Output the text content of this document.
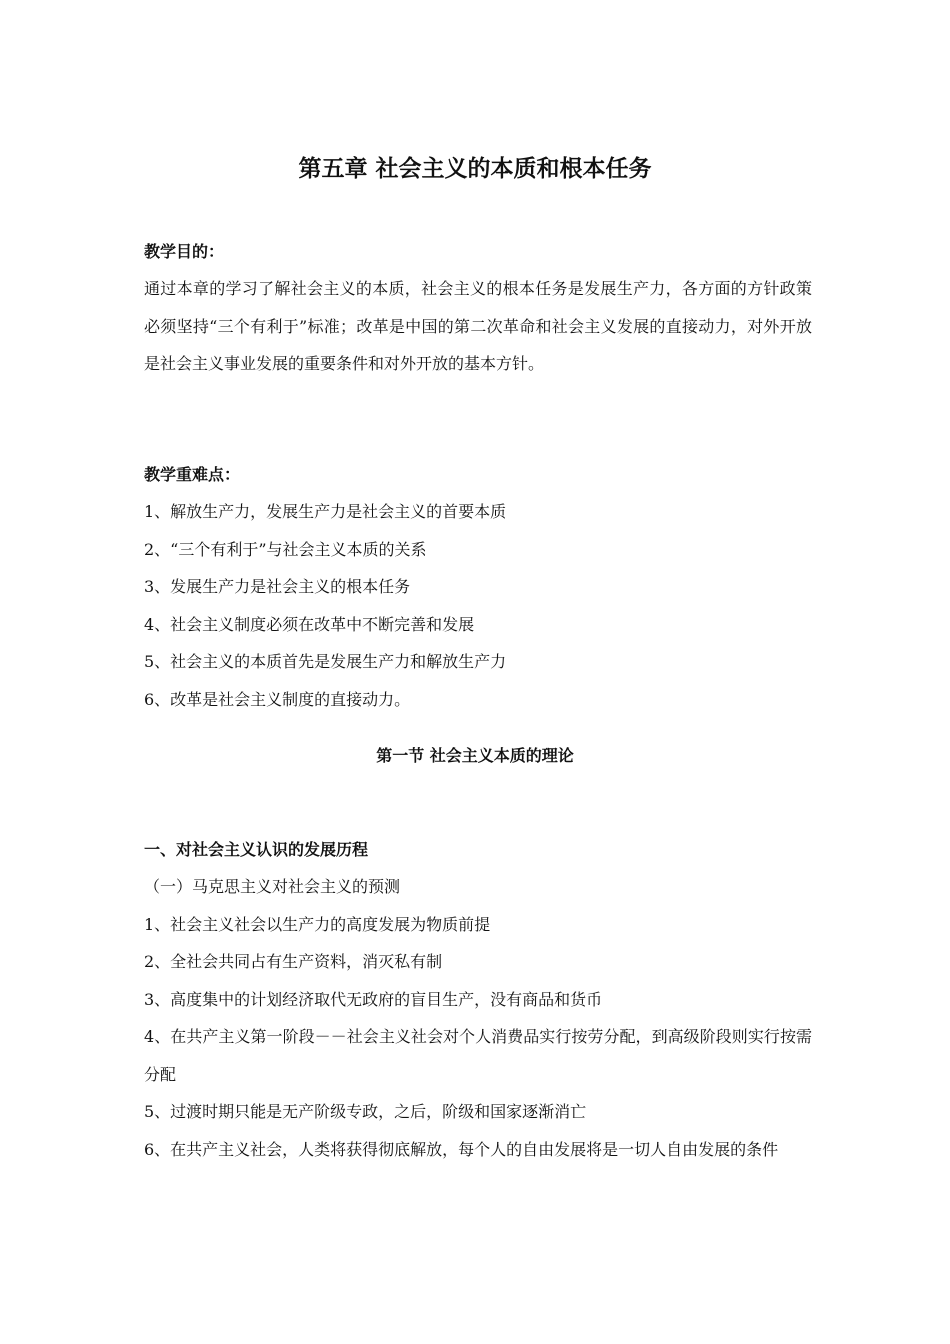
第五章 社会主义的本质和根本任务

教学目的：

通过本章的学习了解社会主义的本质，社会主义的根本任务是发展生产力，各方面的方针政策必须坚持“三个有利于”标准；改革是中国的第二次革命和社会主义发展的直接动力，对外开放是社会主义事业发展的重要条件和对外开放的基本方针。

教学重难点：

1、解放生产力，发展生产力是社会主义的首要本质

2、“三个有利于”与社会主义本质的关系

3、发展生产力是社会主义的根本任务

4、社会主义制度必须在改革中不断完善和发展

5、社会主义的本质首先是发展生产力和解放生产力

6、改革是社会主义制度的直接动力。

第一节 社会主义本质的理论

一、对社会主义认识的发展历程

（一）马克思主义对社会主义的预测

1、社会主义社会以生产力的高度发展为物质前提

2、全社会共同占有生产资料，消灭私有制

3、高度集中的计划经济取代无政府的盲目生产，没有商品和货币

4、在共产主义第一阶段－－社会主义社会对个人消费品实行按劳分配，到高级阶段则实行按需分配

5、过渡时期只能是无产阶级专政，之后，阶级和国家逐渐消亡

6、在共产主义社会，人类将获得彻底解放，每个人的自由发展将是一切人自由发展的条件
